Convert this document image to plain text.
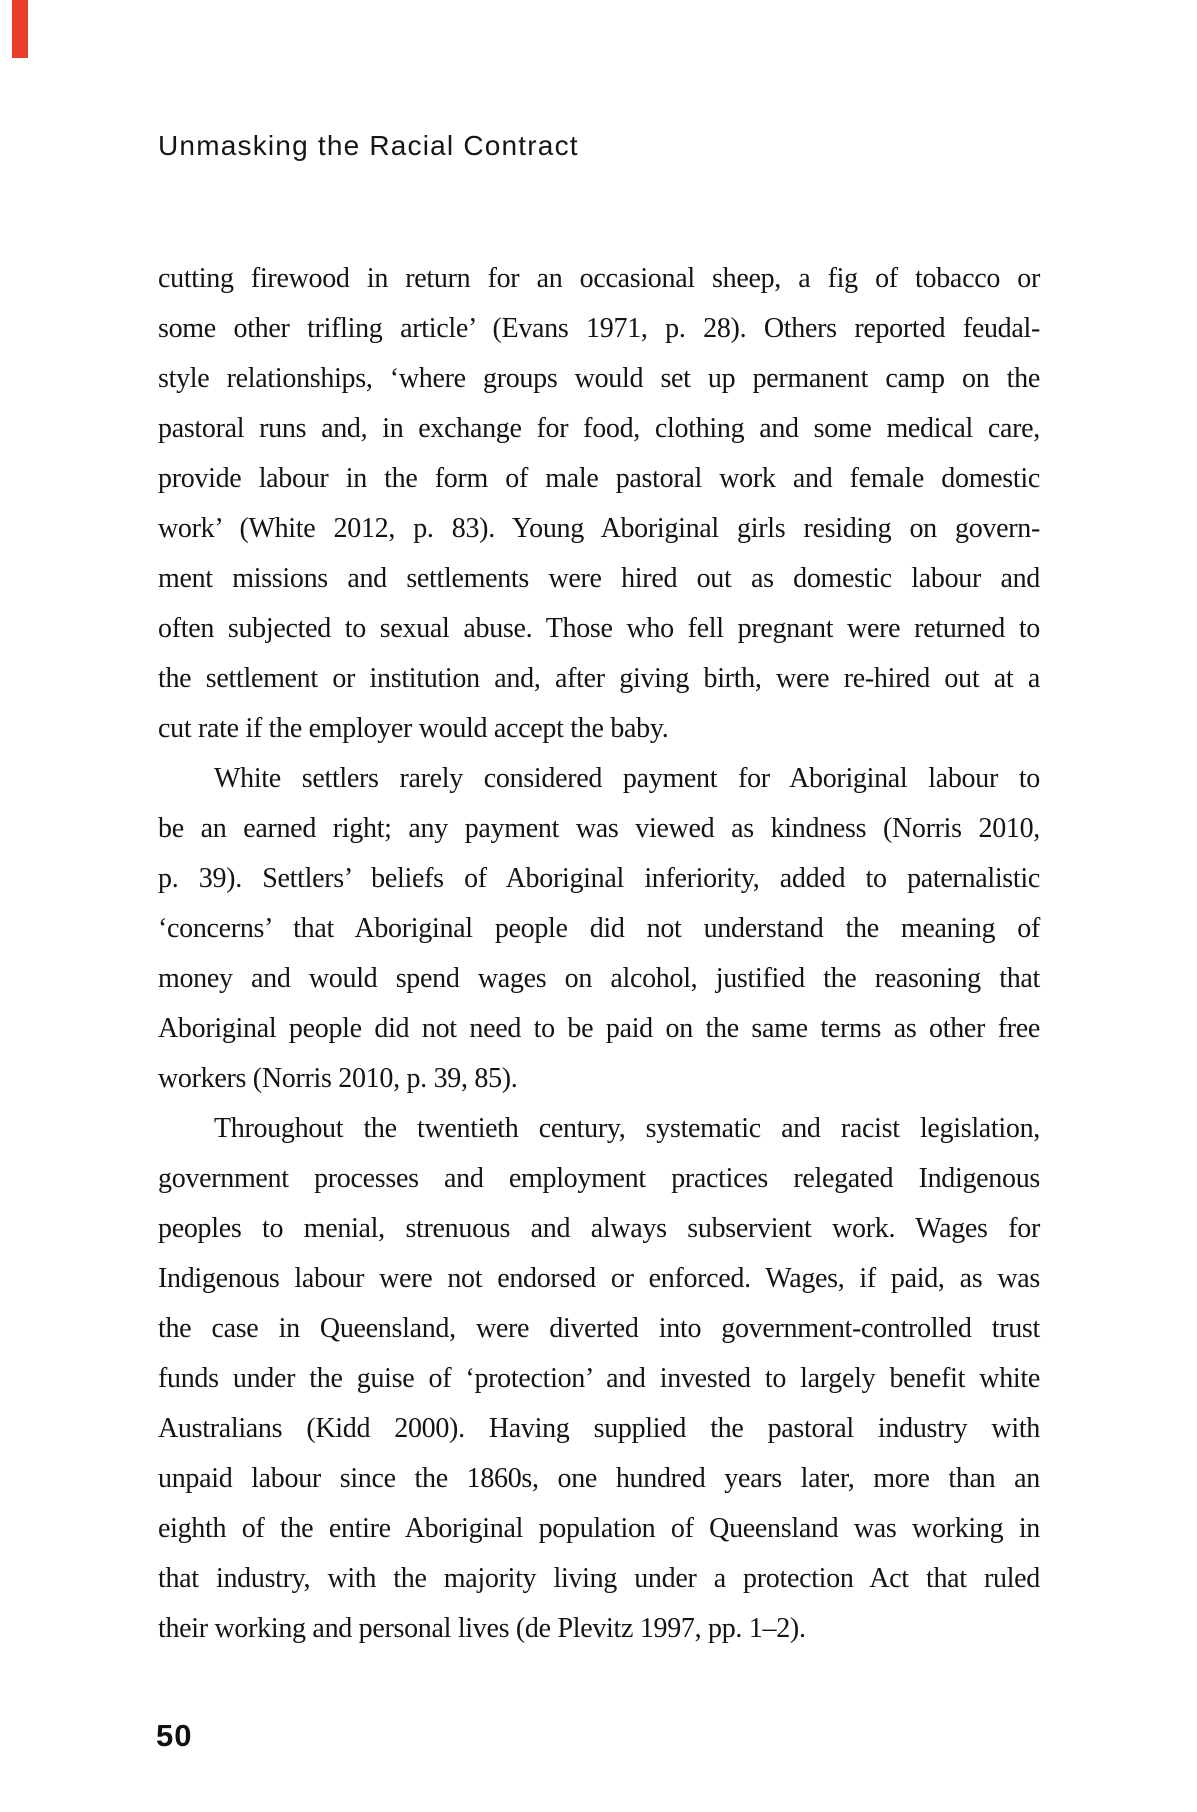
Unmasking the Racial Contract
cutting firewood in return for an occasional sheep, a fig of tobacco or
some other trifling article’ (Evans 1971, p. 28). Others reported feudal-
style relationships, ‘where groups would set up permanent camp on the
pastoral runs and, in exchange for food, clothing and some medical care,
provide labour in the form of male pastoral work and female domestic
work’ (White 2012, p. 83). Young Aboriginal girls residing on govern-
ment missions and settlements were hired out as domestic labour and
often subjected to sexual abuse. Those who fell pregnant were returned to
the settlement or institution and, after giving birth, were re-hired out at a
cut rate if the employer would accept the baby.
White settlers rarely considered payment for Aboriginal labour to
be an earned right; any payment was viewed as kindness (Norris 2010,
p. 39). Settlers’ beliefs of Aboriginal inferiority, added to paternalistic
‘concerns’ that Aboriginal people did not understand the meaning of
money and would spend wages on alcohol, justified the reasoning that
Aboriginal people did not need to be paid on the same terms as other free
workers (Norris 2010, p. 39, 85).
Throughout the twentieth century, systematic and racist legislation,
government processes and employment practices relegated Indigenous
peoples to menial, strenuous and always subservient work. Wages for
Indigenous labour were not endorsed or enforced. Wages, if paid, as was
the case in Queensland, were diverted into government-controlled trust
funds under the guise of ‘protection’ and invested to largely benefit white
Australians (Kidd 2000). Having supplied the pastoral industry with
unpaid labour since the 1860s, one hundred years later, more than an
eighth of the entire Aboriginal population of Queensland was working in
that industry, with the majority living under a protection Act that ruled
their working and personal lives (de Plevitz 1997, pp. 1–2).
50
